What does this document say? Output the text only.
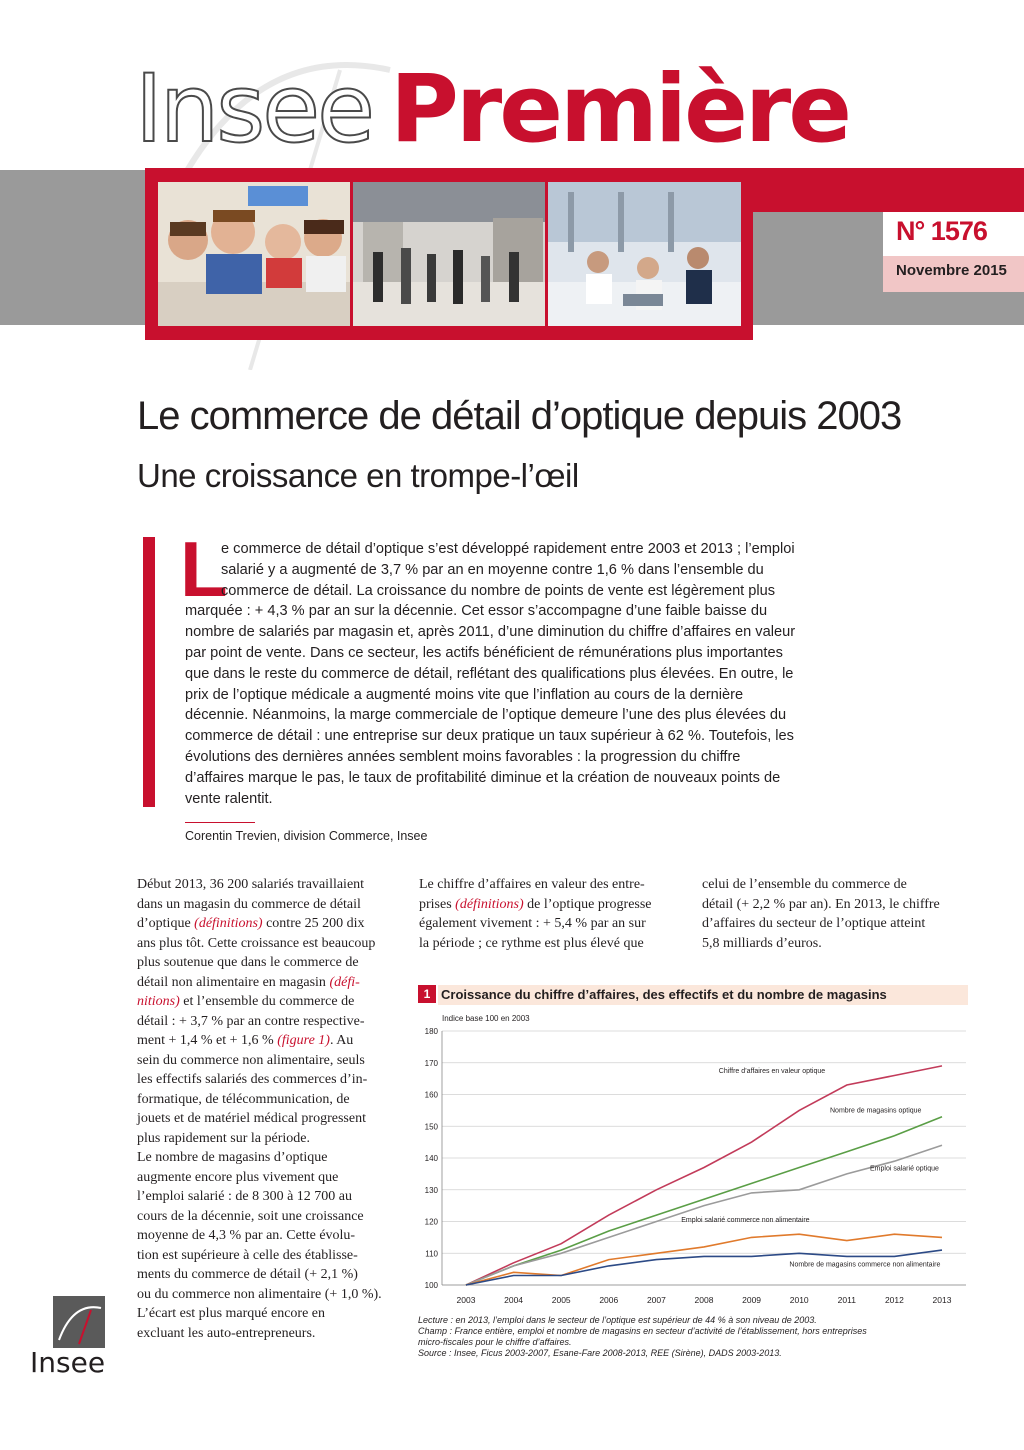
Insee Première
N° 1576
Novembre 2015
Le commerce de détail d’optique depuis 2003
Une croissance en trompe-l’œil
L
e commerce de détail d’optique s’est développé rapidement entre 2003 et 2013 ; l’emploi
salarié y a augmenté de 3,7 % par an en moyenne contre 1,6 % dans l’ensemble du
commerce de détail. La croissance du nombre de points de vente est légèrement plus
marquée : + 4,3 % par an sur la décennie. Cet essor s’accompagne d’une faible baisse du
nombre de salariés par magasin et, après 2011, d’une diminution du chiffre d’affaires en valeur
par point de vente. Dans ce secteur, les actifs bénéficient de rémunérations plus importantes
que dans le reste du commerce de détail, reflétant des qualifications plus élevées. En outre, le
prix de l’optique médicale a augmenté moins vite que l’inflation au cours de la dernière
décennie. Néanmoins, la marge commerciale de l’optique demeure l’une des plus élevées du
commerce de détail : une entreprise sur deux pratique un taux supérieur à 62 %. Toutefois, les
évolutions des dernières années semblent moins favorables : la progression du chiffre
d’affaires marque le pas, le taux de profitabilité diminue et la création de nouveaux points de
vente ralentit.
Corentin Trevien, division Commerce, Insee
Début 2013, 36 200 salariés travaillaient
dans un magasin du commerce de détail
d’optique (définitions) contre 25 200 dix
ans plus tôt. Cette croissance est beaucoup
plus soutenue que dans le commerce de
détail non alimentaire en magasin (défi-
nitions) et l’ensemble du commerce de
détail : + 3,7 % par an contre respective-
ment + 1,4 % et + 1,6 % (figure 1). Au
sein du commerce non alimentaire, seuls
les effectifs salariés des commerces d’in-
formatique, de télécommunication, de
jouets et de matériel médical progressent
plus rapidement sur la période.
Le nombre de magasins d’optique
augmente encore plus vivement que
l’emploi salarié : de 8 300 à 12 700 au
cours de la décennie, soit une croissance
moyenne de 4,3 % par an. Cette évolu-
tion est supérieure à celle des établisse-
ments du commerce de détail (+ 2,1 %)
ou du commerce non alimentaire (+ 1,0 %).
L’écart est plus marqué encore en
excluant les auto-entrepreneurs.
Le chiffre d’affaires en valeur des entre-
prises (définitions) de l’optique progresse
également vivement : + 5,4 % par an sur
la période ; ce rythme est plus élevé que
celui de l’ensemble du commerce de
détail (+ 2,2 % par an). En 2013, le chiffre
d’affaires du secteur de l’optique atteint
5,8 milliards d’euros.
1 Croissance du chiffre d’affaires, des effectifs et du nombre de magasins
Indice base 100 en 2003
100
110
120
130
140
150
160
170
180
2003	2004	2005	2006	2007	2008	2009	2010	2011	2012	2013
Chiffre d’affaires en valeur optique
Nombre de magasins optique
Emploi salarié optique
Emploi salarié commerce non alimentaire
Nombre de magasins commerce non alimentaire
Lecture : en 2013, l’emploi dans le secteur de l’optique est supérieur de 44 % à son niveau de 2003.
Champ : France entière, emploi et nombre de magasins en secteur d’activité de l’établissement, hors entreprises
micro-fiscales pour le chiffre d’affaires.
Source : Insee, Ficus 2003-2007, Esane-Fare 2008-2013, REE (Sirène), DADS 2003-2013.
Insee
